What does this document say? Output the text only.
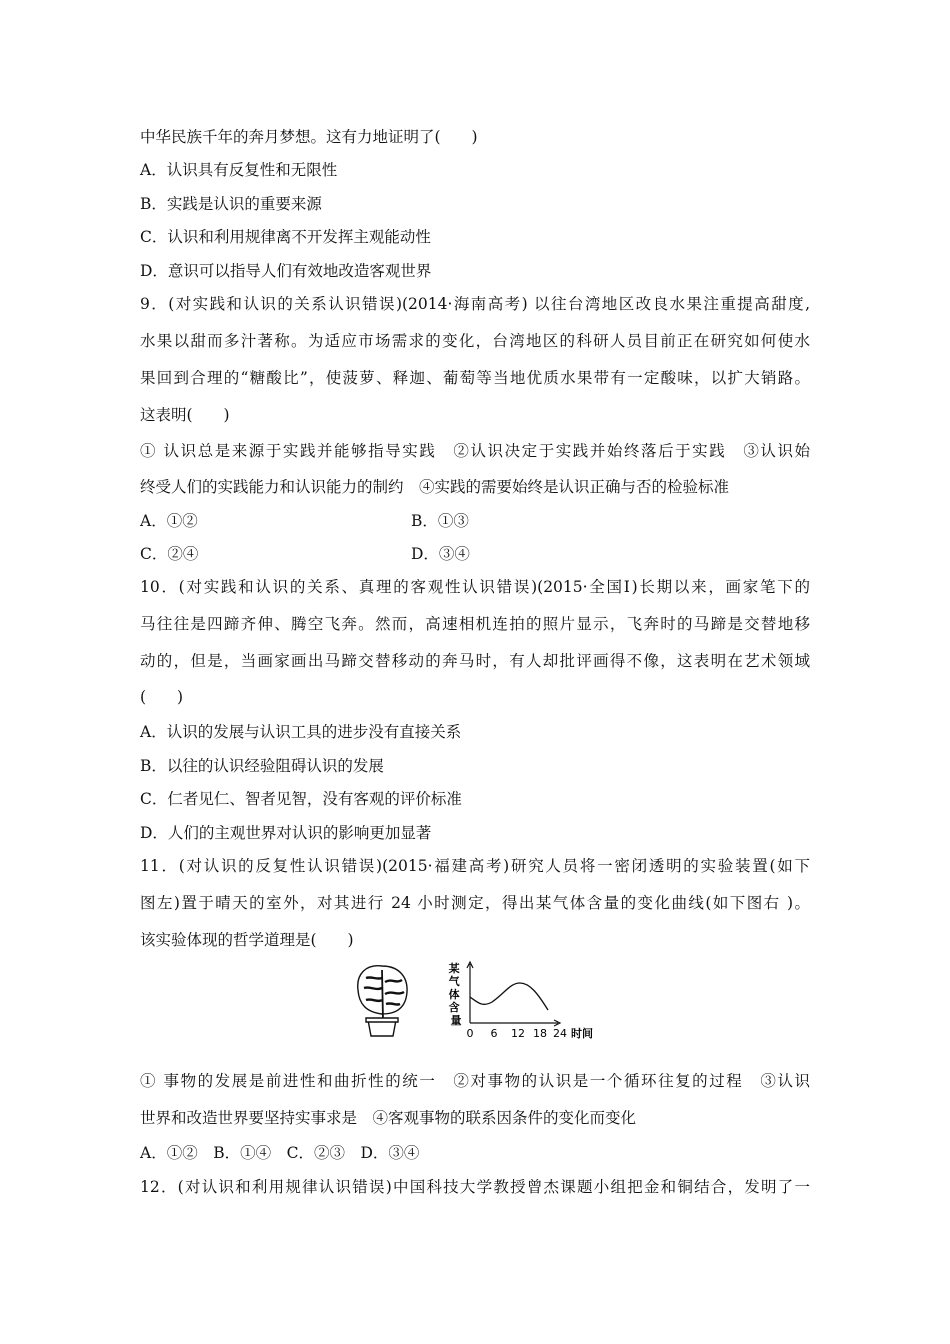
中华民族千年的奔月梦想。这有力地证明了(　　)
A．认识具有反复性和无限性
B．实践是认识的重要来源
C．认识和利用规律离不开发挥主观能动性
D．意识可以指导人们有效地改造客观世界
9．(对实践和认识的关系认识错误)(2014·海南高考) 以往台湾地区改良水果注重提高甜度,
水果以甜而多汁著称。为适应市场需求的变化，台湾地区的科研人员目前正在研究如何使水
果回到合理的“糖酸比”，使菠萝、释迦、葡萄等当地优质水果带有一定酸味，以扩大销路。
这表明(　　)
① 认识总是来源于实践并能够指导实践　②认识决定于实践并始终落后于实践　③认识始
终受人们的实践能力和认识能力的制约　④实践的需要始终是认识正确与否的检验标准
A．①②	B．①③
C．②④	D．③④
10．(对实践和认识的关系、真理的客观性认识错误)(2015·全国Ⅰ)长期以来，画家笔下的
马往往是四蹄齐伸、腾空飞奔。然而，高速相机连拍的照片显示，飞奔时的马蹄是交替地移
动的，但是，当画家画出马蹄交替移动的奔马时，有人却批评画得不像，这表明在艺术领域
(　　)
A．认识的发展与认识工具的进步没有直接关系
B．以往的认识经验阻碍认识的发展
C．仁者见仁、智者见智，没有客观的评价标准
D．人们的主观世界对认识的影响更加显著
11．(对认识的反复性认识错误)(2015·福建高考)研究人员将一密闭透明的实验装置(如下
图左)置于晴天的室外，对其进行 24 小时测定，得出某气体含量的变化曲线(如下图右 )。
该实验体现的哲学道理是(　　)
某 气 体 含 量
0 6 12 18 24 时间
① 事物的发展是前进性和曲折性的统一　②对事物的认识是一个循环往复的过程　③认识
世界和改造世界要坚持实事求是　④客观事物的联系因条件的变化而变化
A．①②　B．①④　C．②③　D．③④
12．(对认识和利用规律认识错误)中国科技大学教授曾杰课题小组把金和铜结合，发明了一
